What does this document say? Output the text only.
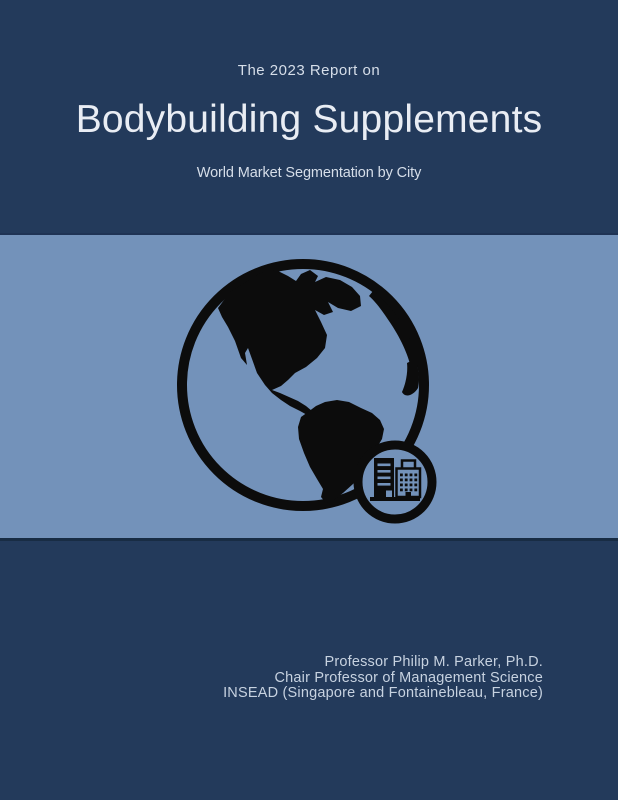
The 2023 Report on
Bodybuilding Supplements
World Market Segmentation by City
Professor Philip M. Parker, Ph.D.
Chair Professor of Management Science
INSEAD (Singapore and Fontainebleau, France)
